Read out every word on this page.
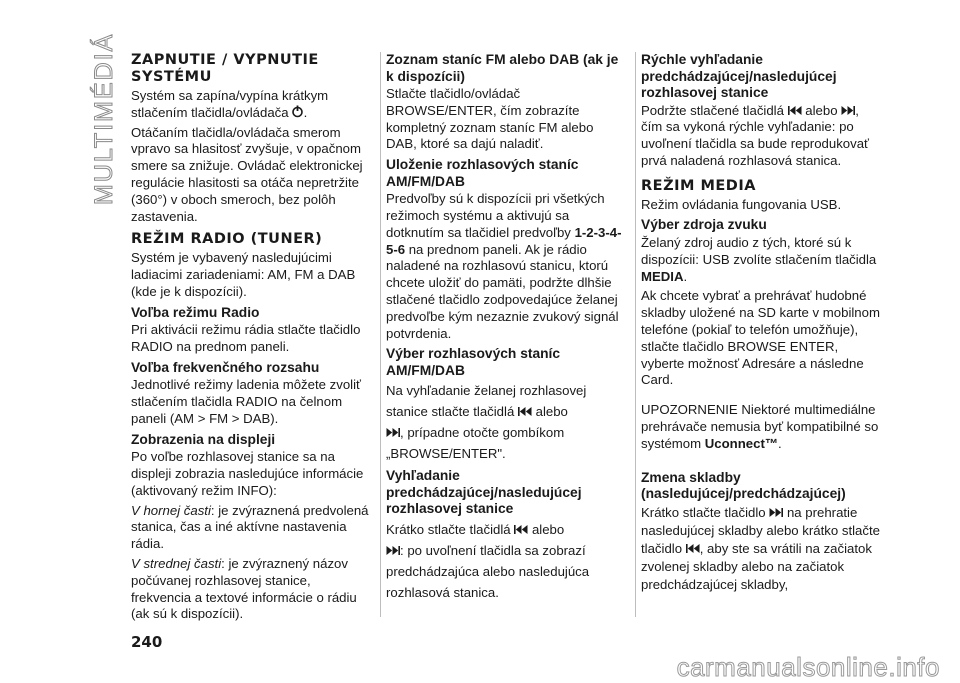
MULTIMÉDIÁ ZAPNUTIE / VYPNUTIE SYSTÉMU

Systém sa zapína/vypína krátkym stlačením tlačidla/ovládača .

Otáčaním tlačidla/ovládača smerom vpravo sa hlasitosť zvyšuje, v opačnom smere sa znižuje. Ovládač elektronickej regulácie hlasitosti sa otáča nepretržite (360°) v oboch smeroch, bez polôh zastavenia.

REŽIM RADIO (TUNER)

Systém je vybavený nasledujúcimi ladiacimi zariadeniami: AM, FM a DAB (kde je k dispozícii).

Voľba režimu Radio

Pri aktivácii režimu rádia stlačte tlačidlo RADIO na prednom paneli.

Voľba frekvenčného rozsahu

Jednotlivé režimy ladenia môžete zvoliť stlačením tlačidla RADIO na čelnom paneli (AM > FM > DAB).

Zobrazenia na displeji

Po voľbe rozhlasovej stanice sa na displeji zobrazia nasledujúce informácie (aktivovaný režim INFO):

V hornej časti: je zvýraznená predvolená stanica, čas a iné aktívne nastavenia rádia.

V strednej časti: je zvýraznený názov počúvanej rozhlasovej stanice, frekvencia a textové informácie o rádiu (ak sú k dispozícii).

Zoznam staníc FM alebo DAB (ak je k dispozícii)

Stlačte tlačidlo/ovládač BROWSE/ENTER, čím zobrazíte kompletný zoznam staníc FM alebo DAB, ktoré sa dajú naladiť.

Uloženie rozhlasových staníc AM/FM/DAB

Predvoľby sú k dispozícii pri všetkých režimoch systému a aktivujú sa dotknutím sa tlačidiel predvoľby 1-2-3-4-5-6 na prednom paneli. Ak je rádio naladené na rozhlasovú stanicu, ktorú chcete uložiť do pamäti, podržte dlhšie stlačené tlačidlo zodpovedajúce želanej predvoľbe kým nezaznie zvukový signál potvrdenia.

Výber rozhlasových staníc AM/FM/DAB

Na vyhľadanie želanej rozhlasovej stanice stlačte tlačidlá  alebo
, prípadne otočte gombíkom „BROWSE/ENTER".

Vyhľadanie predchádzajúcej/nasledujúcej rozhlasovej stanice

Krátko stlačte tlačidlá  alebo
: po uvoľnení tlačidla sa zobrazí predchádzajúca alebo nasledujúca rozhlasová stanica.

Rýchle vyhľadanie predchádzajúcej/nasledujúcej rozhlasovej stanice

Podržte stlačené tlačidlá  alebo , čím sa vykoná rýchle vyhľadanie: po uvoľnení tlačidla sa bude reprodukovať prvá naladená rozhlasová stanica.

REŽIM MEDIA

Režim ovládania fungovania USB.

Výber zdroja zvuku

Želaný zdroj audio z tých, ktoré sú k dispozícii: USB zvolíte stlačením tlačidla MEDIA.

Ak chcete vybrať a prehrávať hudobné skladby uložené na SD karte v mobilnom telefóne (pokiaľ to telefón umožňuje), stlačte tlačidlo BROWSE ENTER, vyberte možnosť Adresáre a následne Card.

UPOZORNENIE Niektoré multimediálne prehrávače nemusia byť kompatibilné so systémom Uconnect™.

Zmena skladby (nasledujúcej/predchádzajúcej)

Krátko stlačte tlačidlo  na prehratie nasledujúcej skladby alebo krátko stlačte tlačidlo , aby ste sa vrátili na začiatok zvolenej skladby alebo na začiatok predchádzajúcej skladby,

240
carmanualsonline.info
